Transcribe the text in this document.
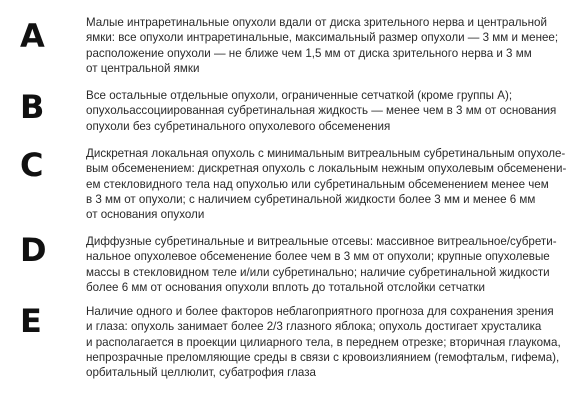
A	Малые интраретинальные опухоли вдали от диска зрительного нерва и центральной
ямки: все опухоли интраретинальные, максимальный размер опухоли — 3 мм и менее;
расположение опухоли — не ближе чем 1,5 мм от диска зрительного нерва и 3 мм
от центральной ямки
B	Все остальные отдельные опухоли, ограниченные сетчаткой (кроме группы А);
опухольассоциированная субретинальная жидкость — менее чем в 3 мм от основания
опухоли без субретинального опухолевого обсеменения
C	Дискретная локальная опухоль с минимальным витреальным субретинальным опухоле-
вым обсеменением: дискретная опухоль с локальным нежным опухолевым обсеменени-
ем стекловидного тела над опухолью или субретинальным обсеменением менее чем
в 3 мм от опухоли; с наличием субретинальной жидкости более 3 мм и менее 6 мм
от основания опухоли
D	Диффузные субретинальные и витреальные отсевы: массивное витреальное/субрети-
нальное опухолевое обсеменение более чем в 3 мм от опухоли; крупные опухолевые
массы в стекловидном теле и/или субретинально; наличие субретинальной жидкости
более 6 мм от основания опухоли вплоть до тотальной отслойки сетчатки
E	Наличие одного и более факторов неблагоприятного прогноза для сохранения зрения
и глаза: опухоль занимает более 2/3 глазного яблока; опухоль достигает хрусталика
и располагается в проекции цилиарного тела, в переднем отрезке; вторичная глаукома,
непрозрачные преломляющие среды в связи с кровоизлиянием (гемофтальм, гифема),
орбитальный целлюлит, субатрофия глаза
